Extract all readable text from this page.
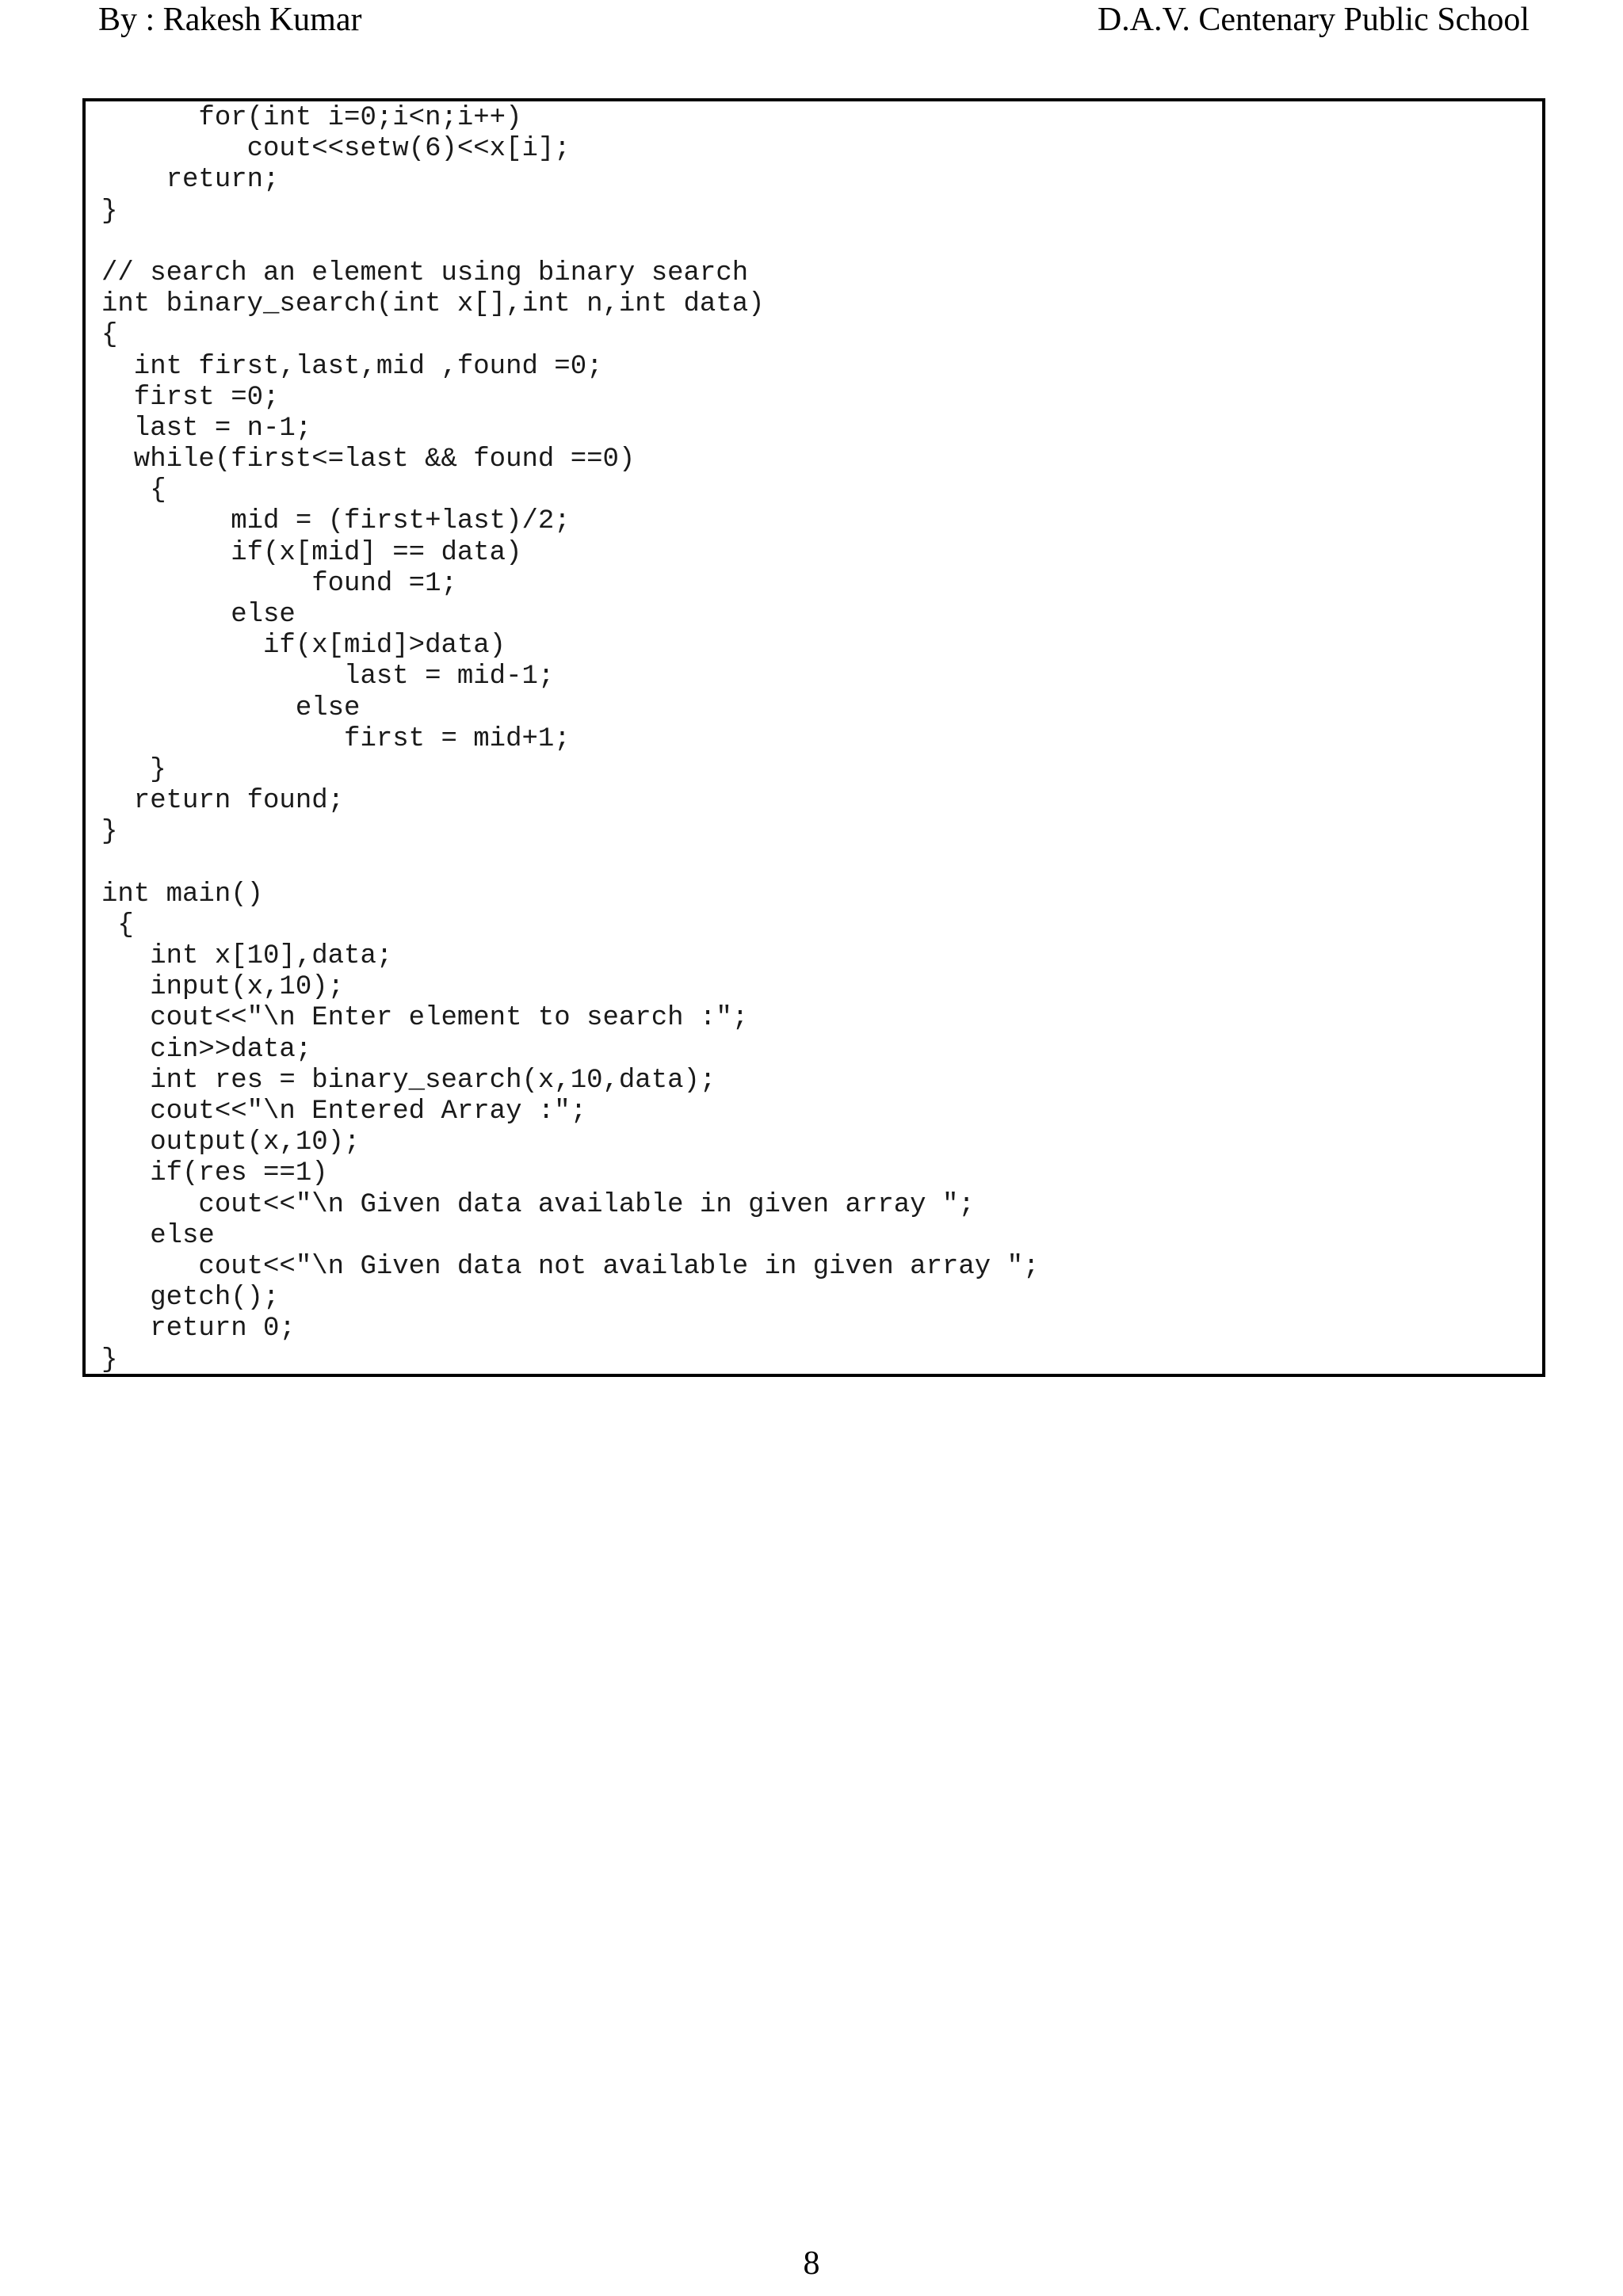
By : Rakesh Kumar	D.A.V. Centenary Public School
for(int i=0;i<n;i++)
cout<<setw(6)<<x[i];
return;
}
// search an element using binary search
int binary_search(int x[],int n,int data)
{
int first,last,mid ,found =0;
first =0;
last = n-1;
while(first<=last && found ==0)
{
mid = (first+last)/2;
if(x[mid] == data)
found =1;
else
if(x[mid]>data)
last = mid-1;
else
first = mid+1;
}
return found;
}
int main()
{
int x[10],data;
input(x,10);
cout<<"\n Enter element to search :";
cin>>data;
int res = binary_search(x,10,data);
cout<<"\n Entered Array :";
output(x,10);
if(res ==1)
cout<<"\n Given data available in given array ";
else
cout<<"\n Given data not available in given array ";
getch();
return 0;
}
8
